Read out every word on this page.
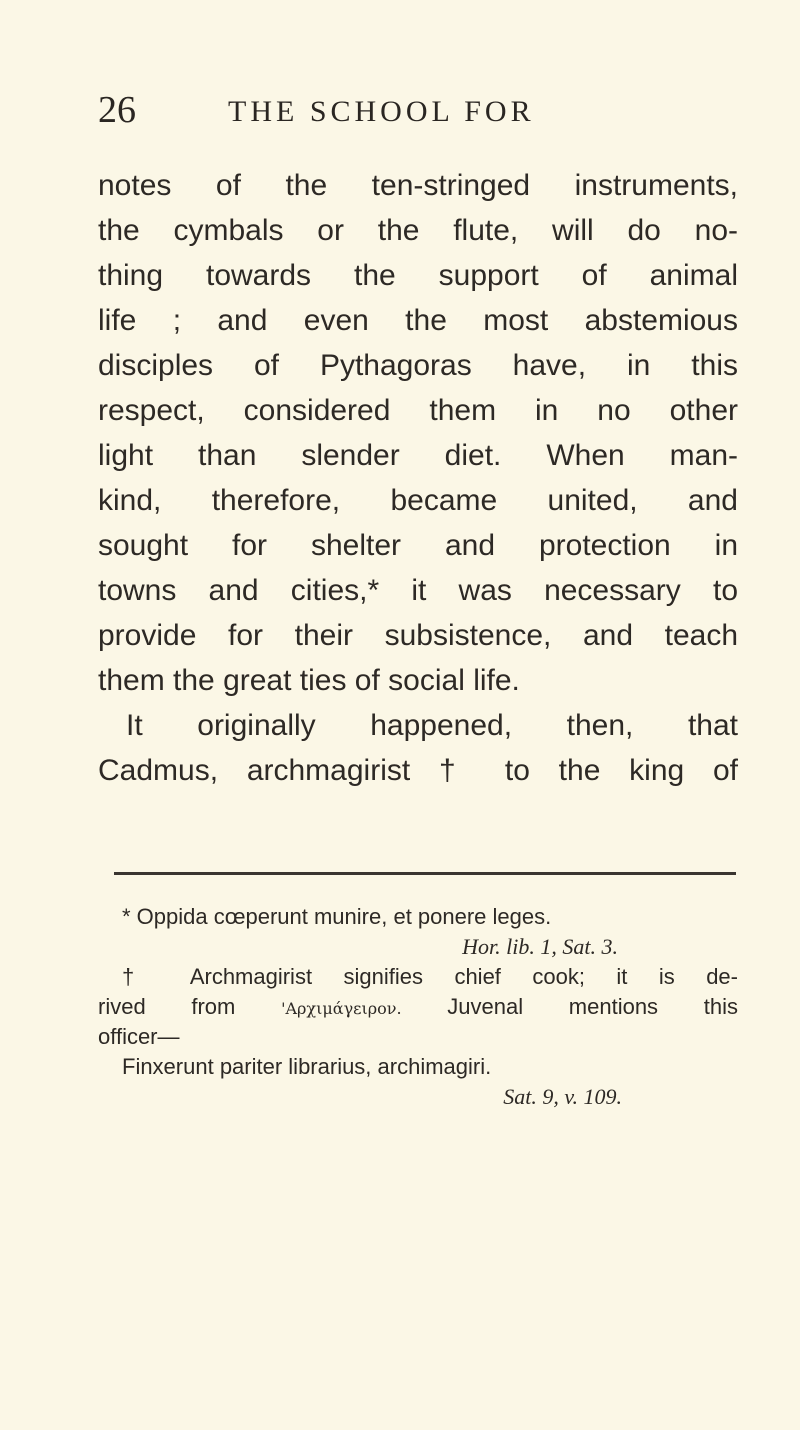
26	THE SCHOOL FOR
notes of the ten-stringed instruments,
the cymbals or the flute, will do no-
thing towards the support of animal
life ; and even the most abstemious
disciples of Pythagoras have, in this
respect, considered them in no other
light than slender diet. When man-
kind, therefore, became united, and
sought for shelter and protection in
towns and cities,* it was necessary to
provide for their subsistence, and teach
them the great ties of social life.
It originally happened, then, that
Cadmus, archmagirist † to the king of
* Oppida cœperunt munire, et ponere leges.
Hor. lib. 1, Sat. 3.
† Archmagirist signifies chief cook; it is de-
rived from	'Αρχιμάγειρον. Juvenal mentions this
officer—
Finxerunt pariter librarius, archimagiri.
Sat. 9, v. 109.
